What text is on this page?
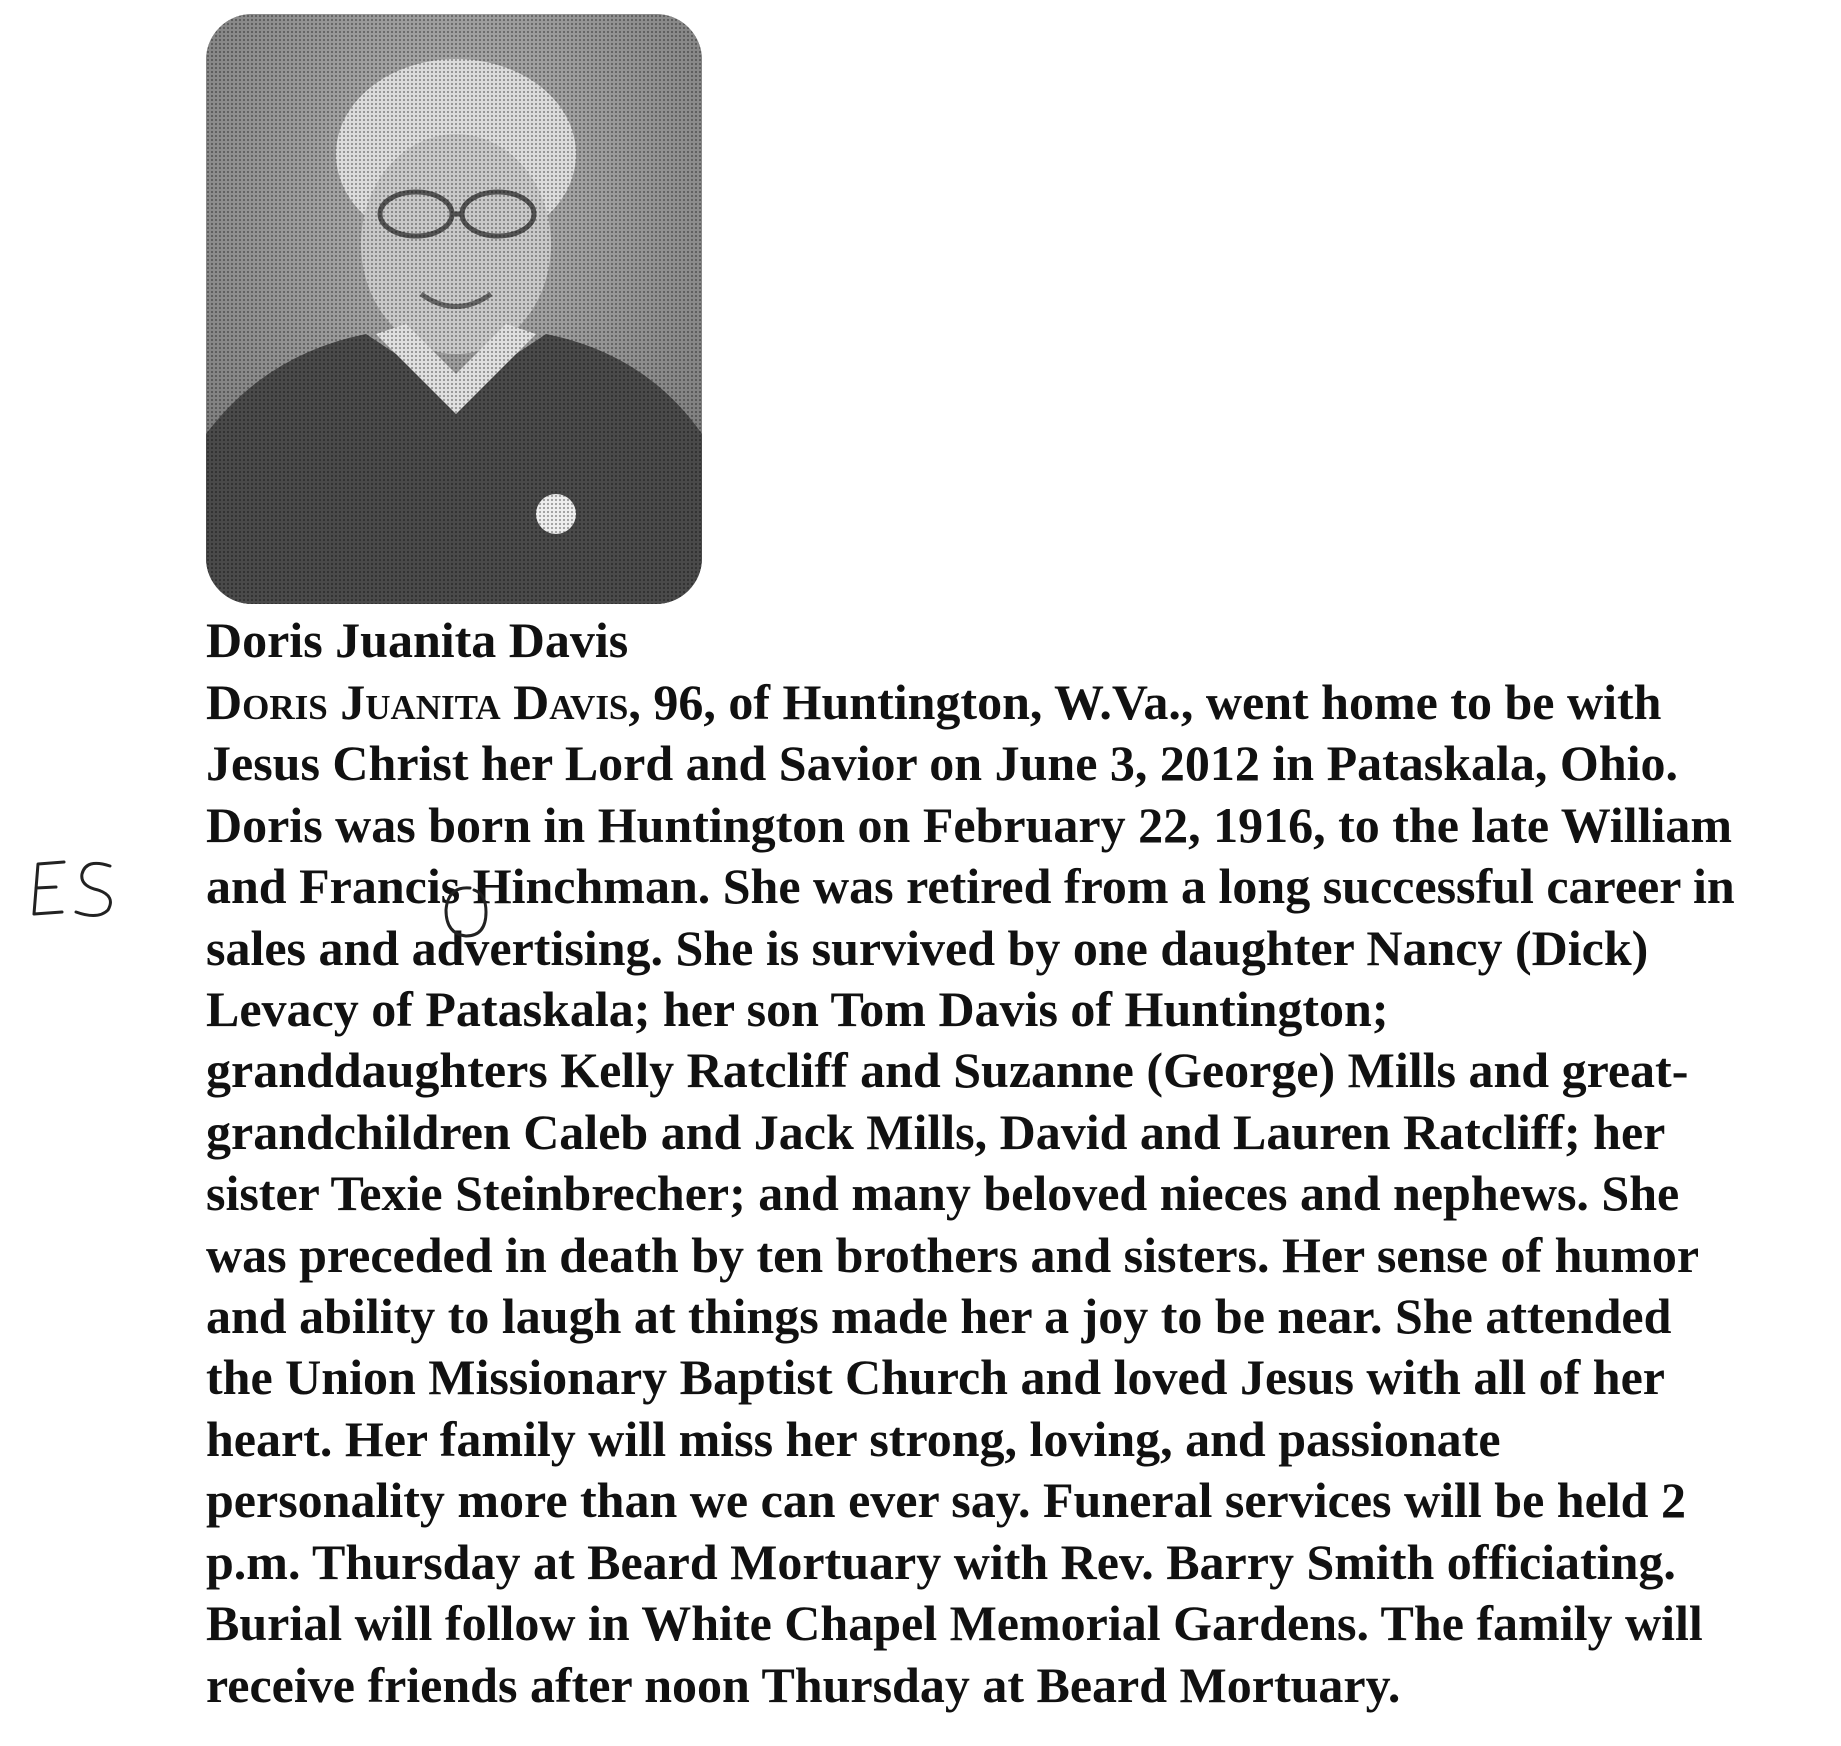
Doris Juanita Davis
Doris Juanita Davis, 96, of Huntington, W.Va., went home to be with
Jesus Christ her Lord and Savior on June 3, 2012 in Pataskala, Ohio.
Doris was born in Huntington on February 22, 1916, to the late William
and Francis Hinchman. She was retired from a long successful career in
sales and advertising. She is survived by one daughter Nancy (Dick)
Levacy of Pataskala; her son Tom Davis of Huntington;
granddaughters Kelly Ratcliff and Suzanne (George) Mills and great-
grandchildren Caleb and Jack Mills, David and Lauren Ratcliff; her
sister Texie Steinbrecher; and many beloved nieces and nephews. She
was preceded in death by ten brothers and sisters. Her sense of humor
and ability to laugh at things made her a joy to be near. She attended
the Union Missionary Baptist Church and loved Jesus with all of her
heart. Her family will miss her strong, loving, and passionate
personality more than we can ever say. Funeral services will be held 2
p.m. Thursday at Beard Mortuary with Rev. Barry Smith officiating.
Burial will follow in White Chapel Memorial Gardens. The family will
receive friends after noon Thursday at Beard Mortuary.
